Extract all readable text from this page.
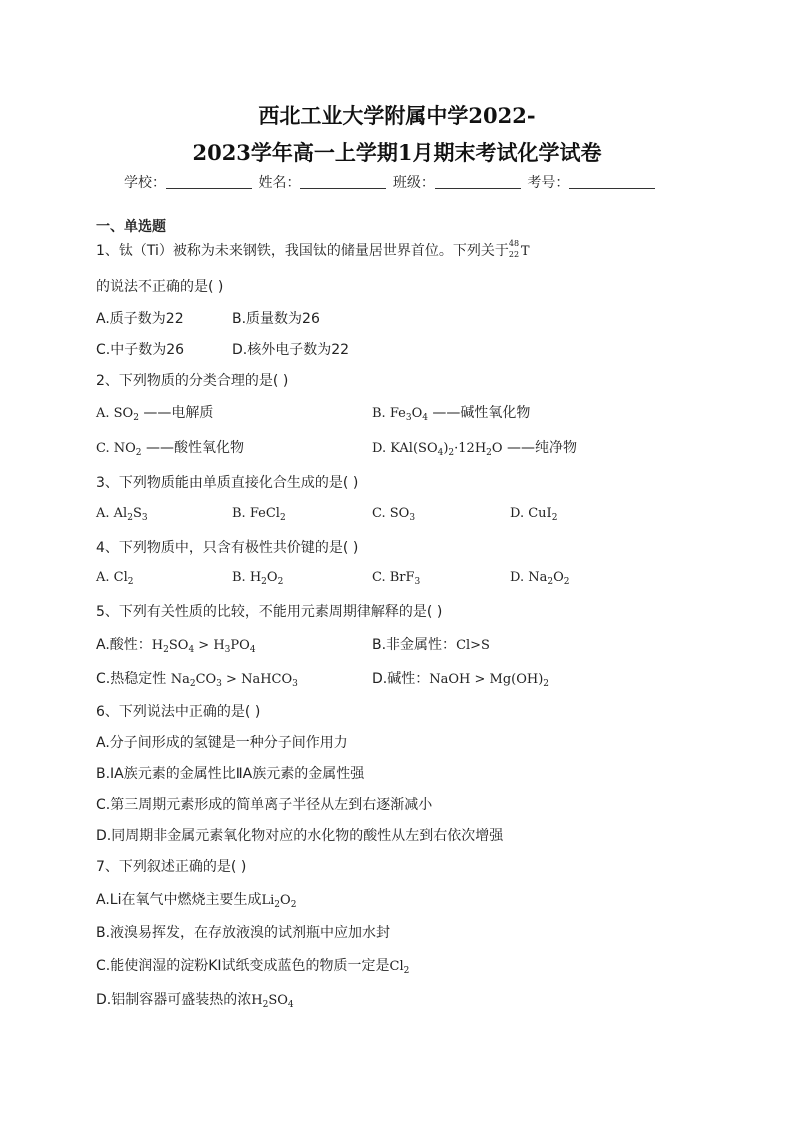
西北工业大学附属中学2022-
2023学年高一上学期1月期末考试化学试卷
学校：	姓名：	班级：	考号：
一、单选题
1、钛（Ti）被称为未来钢铁，我国钛的储量居世界首位。下列关于 48
22 T
的说法不正确的是( )
A.质子数为22	B.质量数为26
C.中子数为26	D.核外电子数为22
2、下列物质的分类合理的是( )
A. $SO_2$ ——电解质	B. $Fe_3O_4$ ——碱性氧化物
C. $NO_2$ ——酸性氧化物	D. $KAl(SO_4)_2\cdot 12H_2O$ ——纯净物
3、下列物质能由单质直接化合生成的是( )
A. $Al_2S_3$	B. FeCl$_2$	C. $SO_3$	D. CuI$_2$
4、下列物质中，只含有极性共价键的是( )
A. $Cl_2$	B. $H_2O_2$	C. BrF$_3$	D. $Na_2O_2$
5、下列有关性质的比较，不能用元素周期律解释的是( )
A.酸性：$H_2SO_4 > H_3PO_4$	B.非金属性：Cl>S
C.热稳定性 $Na_2CO_3$ > NaHCO$_3$	D.碱性：NaOH > $Mg(OH)_2$
6、下列说法中正确的是( )
A.分子间形成的氢键是一种分子间作用力
B.ⅠA族元素的金属性比ⅡA族元素的金属性强
C.第三周期元素形成的简单离子半径从左到右逐渐减小
D.同周期非金属元素氧化物对应的水化物的酸性从左到右依次增强
7、下列叙述正确的是( )
A.Li在氧气中燃烧主要生成$Li_2O_2$
B.液溴易挥发，在存放液溴的试剂瓶中应加水封
C.能使润湿的淀粉KI试纸变成蓝色的物质一定是$Cl_2$
D.铝制容器可盛装热的浓$H_2SO_4$
